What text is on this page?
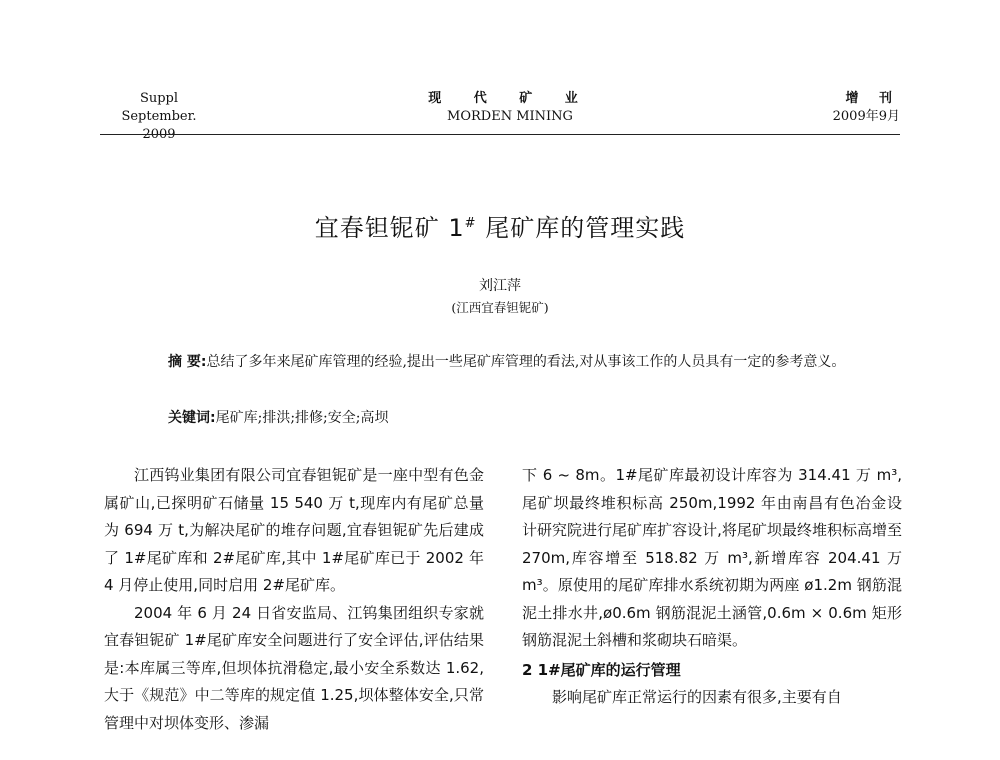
Suppl
September. 2009
现 代 矿 业
MORDEN MINING
增 刊
2009年9月
宜春钽铌矿 1# 尾矿库的管理实践
刘江萍
(江西宜春钽铌矿)
摘 要:总结了多年来尾矿库管理的经验,提出一些尾矿库管理的看法,对从事该工作的人员具有一定的参考意义。
关键词:尾矿库;排洪;排修;安全;高坝

江西钨业集团有限公司宜春钽铌矿是一座中型有色金属矿山,已探明矿石储量 15 540 万 t,现库内有尾矿总量为 694 万 t,为解决尾矿的堆存问题,宜春钽铌矿先后建成了 1#尾矿库和 2#尾矿库,其中 1#尾矿库已于 2002 年 4 月停止使用,同时启用 2#尾矿库。

2004 年 6 月 24 日省安监局、江钨集团组织专家就宜春钽铌矿 1#尾矿库安全问题进行了安全评估,评估结果是:本库属三等库,但坝体抗滑稳定,最小安全系数达 1.62,大于《规范》中二等库的规定值 1.25,坝体整体安全,只常管理中对坝体变形、渗漏

下 6 ~ 8m。1#尾矿库最初设计库容为 314.41 万 m³,尾矿坝最终堆积标高 250m,1992 年由南昌有色冶金设计研究院进行尾矿库扩容设计,将尾矿坝最终堆积标高增至 270m,库容增至 518.82 万 m³,新增库容 204.41 万 m³。原使用的尾矿库排水系统初期为两座 ø1.2m 钢筋混泥土排水井,ø0.6m 钢筋混泥土涵管,0.6m × 0.6m 矩形钢筋混泥土斜槽和浆砌块石暗渠。

2 1#尾矿库的运行管理

影响尾矿库正常运行的因素有很多,主要有自
